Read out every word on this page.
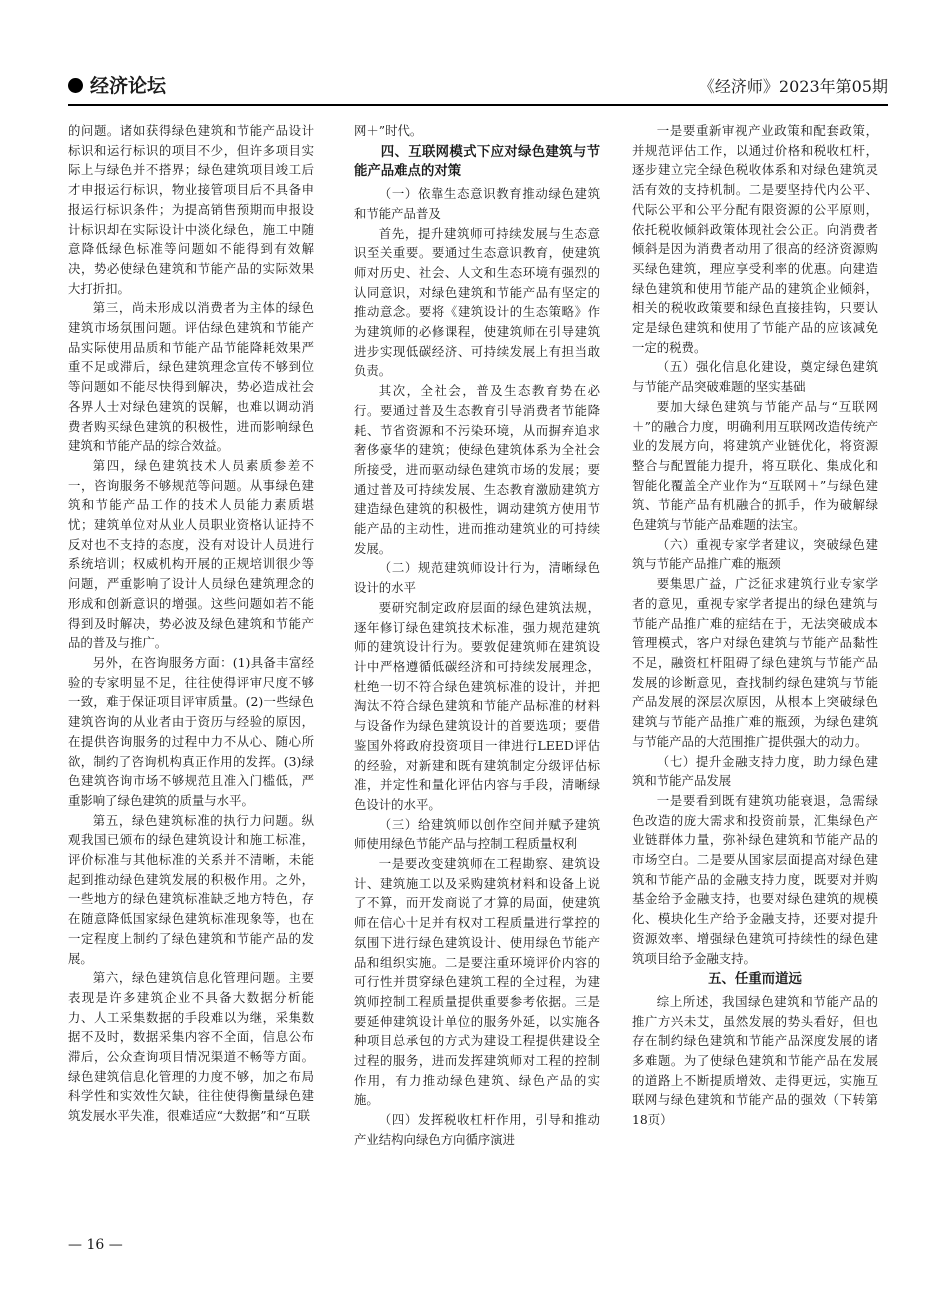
经济论坛	《经济师》2023年第05期

的问题。诸如获得绿色建筑和节能产品设计标识和运行标识的项目不少，但许多项目实际上与绿色并不搭界；绿色建筑项目竣工后才申报运行标识，物业接管项目后不具备申报运行标识条件；为提高销售预期而申报设计标识却在实际设计中淡化绿色，施工中随意降低绿色标准等问题如不能得到有效解决，势必使绿色建筑和节能产品的实际效果大打折扣。

第三，尚未形成以消费者为主体的绿色建筑市场氛围问题。评估绿色建筑和节能产品实际使用品质和节能产品节能降耗效果严重不足或滞后，绿色建筑理念宣传不够到位等问题如不能尽快得到解决，势必造成社会各界人士对绿色建筑的误解，也难以调动消费者购买绿色建筑的积极性，进而影响绿色建筑和节能产品的综合效益。

第四，绿色建筑技术人员素质参差不一，咨询服务不够规范等问题。从事绿色建筑和节能产品工作的技术人员能力素质堪忧；建筑单位对从业人员职业资格认证持不反对也不支持的态度，没有对设计人员进行系统培训；权威机构开展的正规培训很少等问题，严重影响了设计人员绿色建筑理念的形成和创新意识的增强。这些问题如若不能得到及时解决，势必波及绿色建筑和节能产品的普及与推广。

另外，在咨询服务方面：(1)具备丰富经验的专家明显不足，往往使得评审尺度不够一致，难于保证项目评审质量。(2)一些绿色建筑咨询的从业者由于资历与经验的原因，在提供咨询服务的过程中力不从心、随心所欲，制约了咨询机构真正作用的发挥。(3)绿色建筑咨询市场不够规范且准入门槛低，严重影响了绿色建筑的质量与水平。

第五，绿色建筑标准的执行力问题。纵观我国已颁布的绿色建筑设计和施工标准，评价标准与其他标准的关系并不清晰，未能起到推动绿色建筑发展的积极作用。之外，一些地方的绿色建筑标准缺乏地方特色，存在随意降低国家绿色建筑标准现象等，也在一定程度上制约了绿色建筑和节能产品的发展。

第六，绿色建筑信息化管理问题。主要表现是许多建筑企业不具备大数据分析能力、人工采集数据的手段难以为继，采集数据不及时，数据采集内容不全面，信息公布滞后，公众查询项目情况渠道不畅等方面。绿色建筑信息化管理的力度不够，加之布局科学性和实效性欠缺，往往使得衡量绿色建筑发展水平失准，很难适应“大数据”和“互联

网＋”时代。

四、互联网模式下应对绿色建筑与节能产品难点的对策

（一）依靠生态意识教育推动绿色建筑和节能产品普及

首先，提升建筑师可持续发展与生态意识至关重要。要通过生态意识教育，使建筑师对历史、社会、人文和生态环境有强烈的认同意识，对绿色建筑和节能产品有坚定的推动意念。要将《建筑设计的生态策略》作为建筑师的必修课程，使建筑师在引导建筑进步实现低碳经济、可持续发展上有担当敢负责。

其次，全社会，普及生态教育势在必行。要通过普及生态教育引导消费者节能降耗、节省资源和不污染环境，从而摒弃追求奢侈豪华的建筑；使绿色建筑体系为全社会所接受，进而驱动绿色建筑市场的发展；要通过普及可持续发展、生态教育激励建筑方建造绿色建筑的积极性，调动建筑方使用节能产品的主动性，进而推动建筑业的可持续发展。

（二）规范建筑师设计行为，清晰绿色设计的水平

要研究制定政府层面的绿色建筑法规，逐年修订绿色建筑技术标准，强力规范建筑师的建筑设计行为。要敦促建筑师在建筑设计中严格遵循低碳经济和可持续发展理念，杜绝一切不符合绿色建筑标准的设计，并把淘汰不符合绿色建筑和节能产品标准的材料与设备作为绿色建筑设计的首要选项；要借鉴国外将政府投资项目一律进行LEED评估的经验，对新建和既有建筑制定分级评估标准，并定性和量化评估内容与手段，清晰绿色设计的水平。

（三）给建筑师以创作空间并赋予建筑师使用绿色节能产品与控制工程质量权利

一是要改变建筑师在工程勘察、建筑设计、建筑施工以及采购建筑材料和设备上说了不算，而开发商说了才算的局面，使建筑师在信心十足并有权对工程质量进行掌控的氛围下进行绿色建筑设计、使用绿色节能产品和组织实施。二是要注重环境评价内容的可行性并贯穿绿色建筑工程的全过程，为建筑师控制工程质量提供重要参考依据。三是要延伸建筑设计单位的服务外延，以实施各种项目总承包的方式为建设工程提供建设全过程的服务，进而发挥建筑师对工程的控制作用，有力推动绿色建筑、绿色产品的实施。

（四）发挥税收杠杆作用，引导和推动产业结构向绿色方向循序演进

一是要重新审视产业政策和配套政策，并规范评估工作，以通过价格和税收杠杆，逐步建立完全绿色税收体系和对绿色建筑灵活有效的支持机制。二是要坚持代内公平、代际公平和公平分配有限资源的公平原则，依托税收倾斜政策体现社会公正。向消费者倾斜是因为消费者动用了很高的经济资源购买绿色建筑，理应享受利率的优惠。向建造绿色建筑和使用节能产品的建筑企业倾斜，相关的税收政策要和绿色直接挂钩，只要认定是绿色建筑和使用了节能产品的应该减免一定的税费。

（五）强化信息化建设，奠定绿色建筑与节能产品突破难题的坚实基础

要加大绿色建筑与节能产品与“互联网＋”的融合力度，明确利用互联网改造传统产业的发展方向，将建筑产业链优化，将资源整合与配置能力提升，将互联化、集成化和智能化覆盖全产业作为“互联网＋”与绿色建筑、节能产品有机融合的抓手，作为破解绿色建筑与节能产品难题的法宝。

（六）重视专家学者建议，突破绿色建筑与节能产品推广难的瓶颈

要集思广益，广泛征求建筑行业专家学者的意见，重视专家学者提出的绿色建筑与节能产品推广难的症结在于，无法突破成本管理模式，客户对绿色建筑与节能产品黏性不足，融资杠杆阻碍了绿色建筑与节能产品发展的诊断意见，查找制约绿色建筑与节能产品发展的深层次原因，从根本上突破绿色建筑与节能产品推广难的瓶颈，为绿色建筑与节能产品的大范围推广提供强大的动力。

（七）提升金融支持力度，助力绿色建筑和节能产品发展

一是要看到既有建筑功能衰退，急需绿色改造的庞大需求和投资前景，汇集绿色产业链群体力量，弥补绿色建筑和节能产品的市场空白。二是要从国家层面提高对绿色建筑和节能产品的金融支持力度，既要对并购基金给予金融支持，也要对绿色建筑的规模化、模块化生产给予金融支持，还要对提升资源效率、增强绿色建筑可持续性的绿色建筑项目给予金融支持。

五、任重而道远

综上所述，我国绿色建筑和节能产品的推广方兴未艾，虽然发展的势头看好，但也存在制约绿色建筑和节能产品深度发展的诸多难题。为了使绿色建筑和节能产品在发展的道路上不断提质增效、走得更远，实施互联网与绿色建筑和节能产品的强效（下转第18页）

— 16 —
